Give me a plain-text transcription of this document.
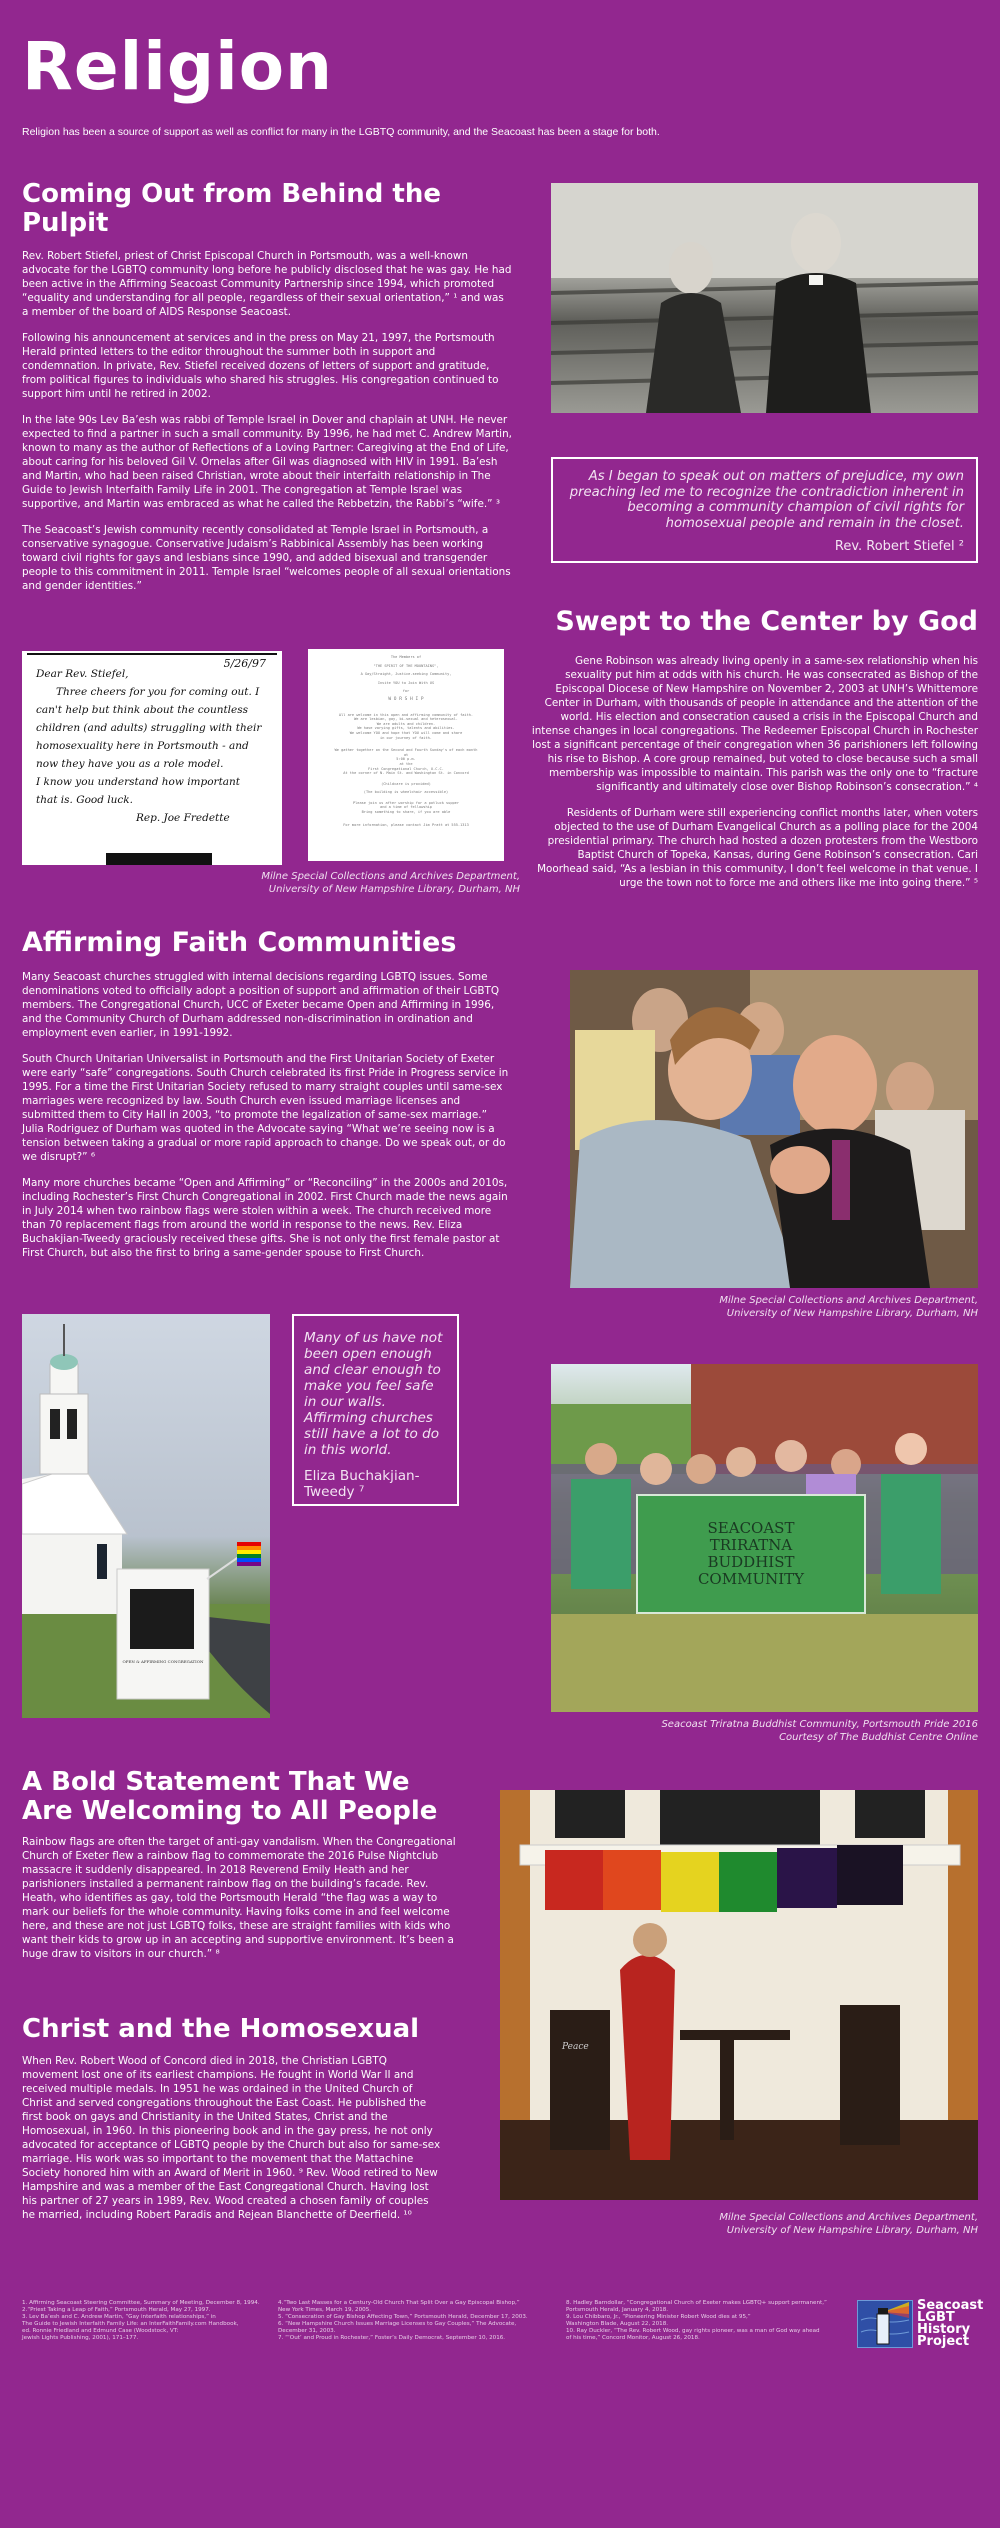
Religion
Religion has been a source of support as well as conflict for many in the LGBTQ community, and the Seacoast has been a stage for both.
Coming Out from Behind the Pulpit

Rev. Robert Stiefel, priest of Christ Episcopal Church in Portsmouth, was a well-known advocate for the LGBTQ community long before he publicly disclosed that he was gay. He had been active in the Affirming Seacoast Community Partnership since 1994, which promoted “equality and understanding for all people, regardless of their sexual orientation,” ¹ and was a member of the board of AIDS Response Seacoast.

Following his announcement at services and in the press on May 21, 1997, the Portsmouth Herald printed letters to the editor throughout the summer both in support and condemnation. In private, Rev. Stiefel received dozens of letters of support and gratitude, from political figures to individuals who shared his struggles. His congregation continued to support him until he retired in 2002.

In the late 90s Lev Ba’esh was rabbi of Temple Israel in Dover and chaplain at UNH. He never expected to find a partner in such a small community. By 1996, he had met C. Andrew Martin, known to many as the author of Reflections of a Loving Partner: Caregiving at the End of Life, about caring for his beloved Gil V. Ornelas after Gil was diagnosed with HIV in 1991. Ba’esh and Martin, who had been raised Christian, wrote about their interfaith relationship in The Guide to Jewish Interfaith Family Life in 2001. The congregation at Temple Israel was supportive, and Martin was embraced as what he called the Rebbetzin, the Rabbi’s “wife.” ³

The Seacoast’s Jewish community recently consolidated at Temple Israel in Portsmouth, a conservative synagogue. Conservative Judaism’s Rabbinical Assembly has been working toward civil rights for gays and lesbians since 1990, and added bisexual and transgender people to this commitment in 2011. Temple Israel “welcomes people of all sexual orientations and gender identities.”

As I began to speak out on matters of prejudice, my own preaching led me to recognize the contradiction inherent in becoming a community champion of civil rights for homosexual people and remain in the closet.
Rev. Robert Stiefel ²
Swept to the Center by God

Gene Robinson was already living openly in a same-sex relationship when his sexuality put him at odds with his church. He was consecrated as Bishop of the Episcopal Diocese of New Hampshire on November 2, 2003 at UNH’s Whittemore Center in Durham, with thousands of people in attendance and the attention of the world. His election and consecration caused a crisis in the Episcopal Church and intense changes in local congregations. The Redeemer Episcopal Church in Rochester lost a significant percentage of their congregation when 36 parishioners left following his rise to Bishop. A core group remained, but voted to close because such a small membership was impossible to maintain. This parish was the only one to “fracture significantly and ultimately close over Bishop Robinson’s consecration.” ⁴

Residents of Durham were still experiencing conflict months later, when voters objected to the use of Durham Evangelical Church as a polling place for the 2004 presidential primary. The church had hosted a dozen protesters from the Westboro Baptist Church of Topeka, Kansas, during Gene Robinson’s consecration. Cari Moorhead said, “As a lesbian in this community, I don’t feel welcome in that venue. I urge the town not to force me and others like me into going there.” ⁵

5/26/97
Dear Rev. Stiefel,
Three cheers for you for coming out. I
can't help but think about the countless
children (and adults) struggling with their
homosexuality here in Portsmouth - and
now they have you as a role model.
I know you understand how important
that is. Good luck.
Rep. Joe Fredette
The Members of
"THE SPIRIT OF THE MOUNTAINS",
A Gay/Straight, Justice-seeking Community,
Invite YOU to Join With US
for
W O R S H I P
All are welcome in this open and affirming community of faith.
We are lesbian, gay, bi-sexual and heterosexual.
We are adults and children.
We have varying gifts, talents and abilities.
We welcome YOU and hope that YOU will come and share
in our journey of faith.
We gather together on the Second and Fourth Sunday's of each month
at
5:00 p.m.
at the
First Congregational Church, U.C.C.
At the corner of N. Main St. and Washington St. in Concord
(Childcare is provided)
(The building is wheelchair accessible)
Please join us after worship for a potluck supper
and a time of fellowship
Bring something to share, if you are able
For more information, please contact Jim Pratt at 555-1313
Milne Special Collections and Archives Department,
University of New Hampshire Library, Durham, NH
Affirming Faith Communities

Many Seacoast churches struggled with internal decisions regarding LGBTQ issues. Some denominations voted to officially adopt a position of support and affirmation of their LGBTQ members. The Congregational Church, UCC of Exeter became Open and Affirming in 1996, and the Community Church of Durham addressed non-discrimination in ordination and employment even earlier, in 1991-1992.

South Church Unitarian Universalist in Portsmouth and the First Unitarian Society of Exeter were early “safe” congregations. South Church celebrated its first Pride in Progress service in 1995. For a time the First Unitarian Society refused to marry straight couples until same-sex marriages were recognized by law. South Church even issued marriage licenses and submitted them to City Hall in 2003, “to promote the legalization of same-sex marriage.” Julia Rodriguez of Durham was quoted in the Advocate saying “What we’re seeing now is a tension between taking a gradual or more rapid approach to change. Do we speak out, or do we disrupt?” ⁶

Many more churches became “Open and Affirming” or “Reconciling” in the 2000s and 2010s, including Rochester’s First Church Congregational in 2002. First Church made the news again in July 2014 when two rainbow flags were stolen within a week. The church received more than 70 replacement flags from around the world in response to the news. Rev. Eliza Buchakjian-Tweedy graciously received these gifts. She is not only the first female pastor at First Church, but also the first to bring a same-gender spouse to First Church.

Milne Special Collections and Archives Department,
University of New Hampshire Library, Durham, NH
OPEN & AFFIRMING CONGREGATION
Many of us have not been open enough and clear enough to make you feel safe in our walls. Affirming churches still have a lot to do in this world.
Eliza Buchakjian-Tweedy ⁷
SEACOAST
TRIRATNA
BUDDHIST
COMMUNITY
Seacoast Triratna Buddhist Community, Portsmouth Pride 2016
Courtesy of The Buddhist Centre Online
A Bold Statement That We
Are Welcoming to All People

Rainbow flags are often the target of anti-gay vandalism. When the Congregational Church of Exeter flew a rainbow flag to commemorate the 2016 Pulse Nightclub massacre it suddenly disappeared. In 2018 Reverend Emily Heath and her parishioners installed a permanent rainbow flag on the building’s facade. Rev. Heath, who identifies as gay, told the Portsmouth Herald “the flag was a way to mark our beliefs for the whole community. Having folks come in and feel welcome here, and these are not just LGBTQ folks, these are straight families with kids who want their kids to grow up in an accepting and supportive environment. It’s been a huge draw to visitors in our church.” ⁸

Peace
Milne Special Collections and Archives Department,
University of New Hampshire Library, Durham, NH
Christ and the Homosexual

When Rev. Robert Wood of Concord died in 2018, the Christian LGBTQ movement lost one of its earliest champions. He fought in World War II and received multiple medals. In 1951 he was ordained in the United Church of Christ and served congregations throughout the East Coast. He published the first book on gays and Christianity in the United States, Christ and the Homosexual, in 1960. In this pioneering book and in the gay press, he not only advocated for acceptance of LGBTQ people by the Church but also for same-sex marriage. His work was so important to the movement that the Mattachine Society honored him with an Award of Merit in 1960. ⁹ Rev. Wood retired to New Hampshire and was a member of the East Congregational Church. Having lost his partner of 27 years in 1989, Rev. Wood created a chosen family of couples he married, including Robert Paradis and Rejean Blanchette of Deerfield. ¹⁰

1. Affirming Seacoast Steering Committee, Summary of Meeting, December 8, 1994.
2.“Priest Taking a Leap of Faith,” Portsmouth Herald, May 27, 1997.
3. Lev Ba’esh and C. Andrew Martin, “Gay interfaith relationships,” in
The Guide to Jewish Interfaith Family Life: an InterFaithFamily.com Handbook,
ed. Ronnie Friedland and Edmund Case (Woodstock, VT:
Jewish Lights Publishing, 2001), 171–177.
4.“Two Last Masses for a Century-Old Church That Split Over a Gay Episcopal Bishop,”
New York Times, March 19, 2005.
5. “Consecration of Gay Bishop Affecting Town,” Portsmouth Herald, December 17, 2003.
6. “New Hampshire Church Issues Marriage Licenses to Gay Couples,” The Advocate,
December 31, 2003.
7. “‘Out’ and Proud in Rochester,” Foster’s Daily Democrat, September 10, 2016.
8. Hadley Barndollar, “Congregational Church of Exeter makes LGBTQ+ support permanent,”
Portsmouth Herald, January 4, 2018.
9. Lou Chibbaro, Jr., “Pioneering Minister Robert Wood dies at 95,”
Washington Blade, August 22, 2018.
10. Ray Duckler, “The Rev. Robert Wood, gay rights pioneer, was a man of God way ahead
of his time,” Concord Monitor, August 26, 2018.
Seacoast
LGBT
History
Project
